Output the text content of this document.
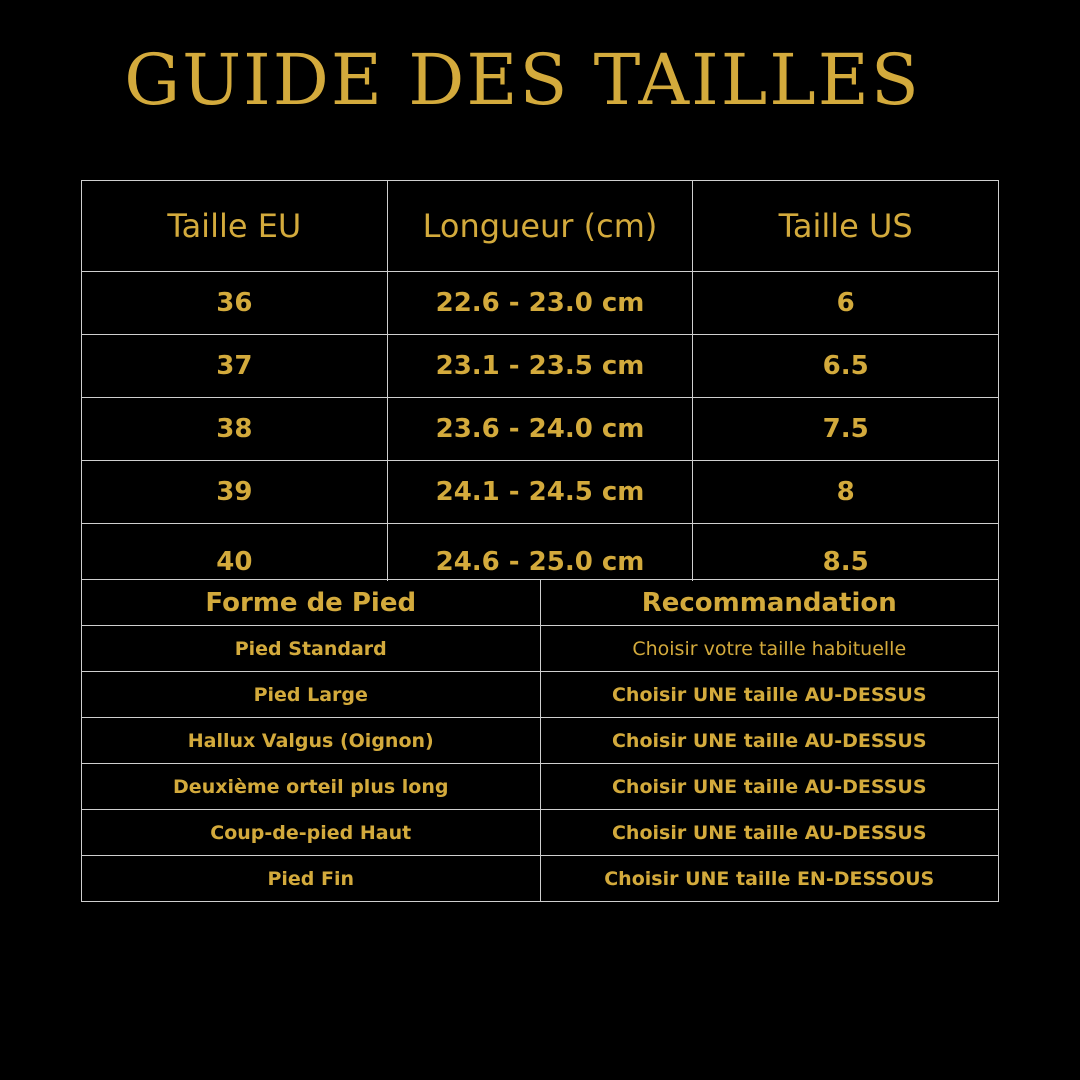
GUIDE DES TAILLES
Taille EU	Longueur (cm)	Taille US
36	22.6 - 23.0 cm	6
37	23.1 - 23.5 cm	6.5
38	23.6 - 24.0 cm	7.5
39	24.1 - 24.5 cm	8
40	24.6 - 25.0 cm	8.5
Forme de Pied	Recommandation
Pied Standard	Choisir votre taille habituelle
Pied Large	Choisir UNE taille AU-DESSUS
Hallux Valgus (Oignon)	Choisir UNE taille AU-DESSUS
Deuxième orteil plus long	Choisir UNE taille AU-DESSUS
Coup-de-pied Haut	Choisir UNE taille AU-DESSUS
Pied Fin	Choisir UNE taille EN-DESSOUS
